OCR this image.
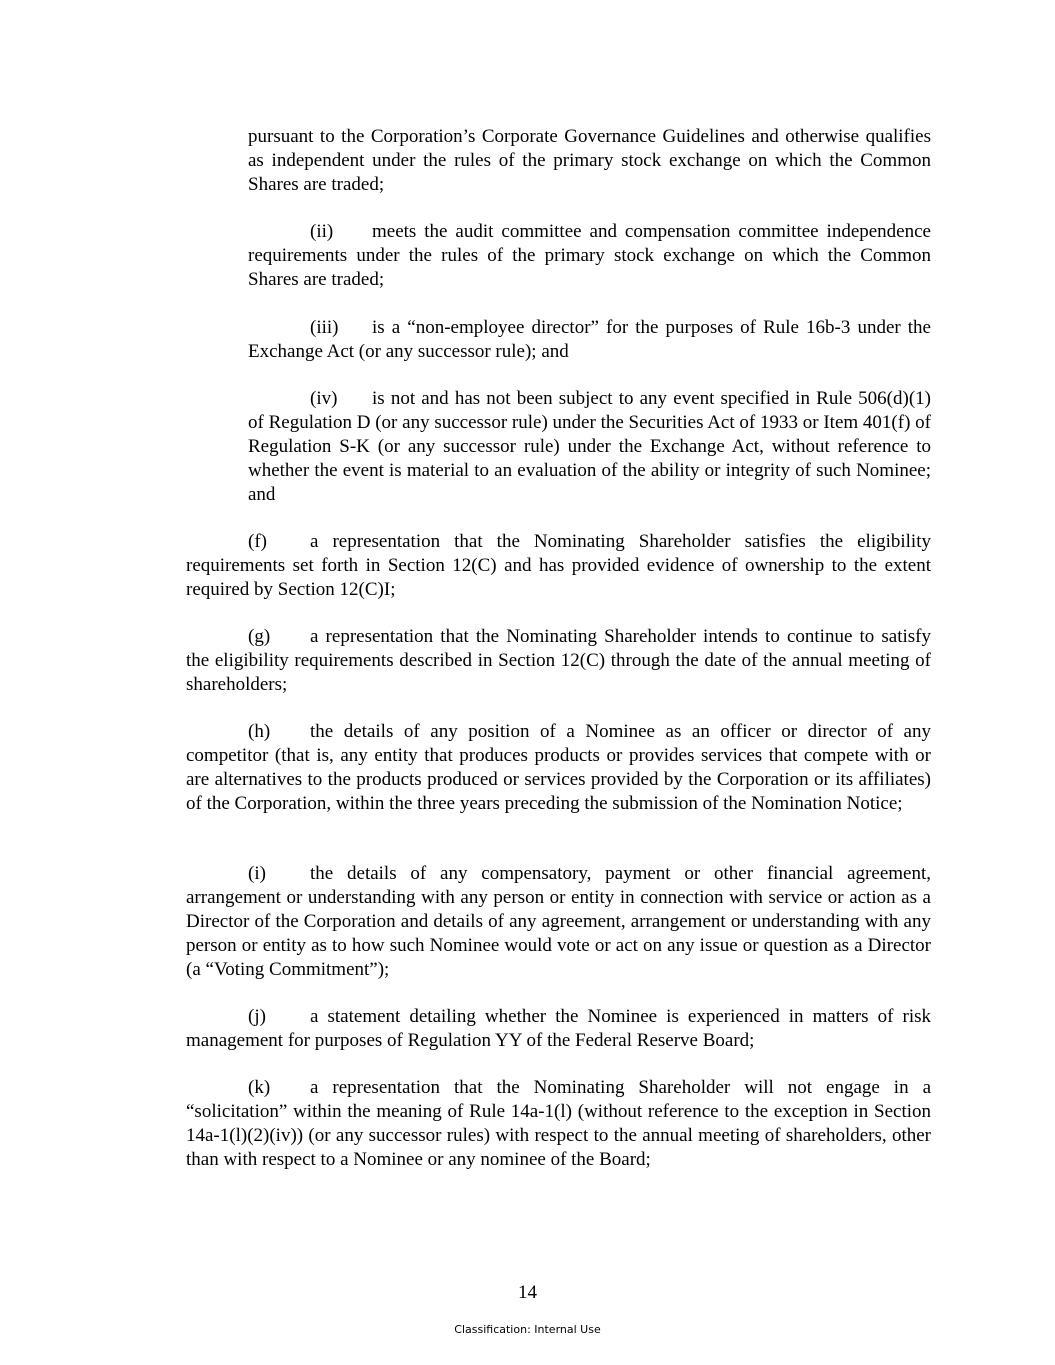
pursuant to the Corporation’s Corporate Governance Guidelines and otherwise qualifies as independent under the rules of the primary stock exchange on which the Common Shares are traded;

(ii) meets the audit committee and compensation committee independence requirements under the rules of the primary stock exchange on which the Common Shares are traded;

(iii) is a “non-employee director” for the purposes of Rule 16b-3 under the Exchange Act (or any successor rule); and

(iv) is not and has not been subject to any event specified in Rule 506(d)(1) of Regulation D (or any successor rule) under the Securities Act of 1933 or Item 401(f) of Regulation S-K (or any successor rule) under the Exchange Act, without reference to whether the event is material to an evaluation of the ability or integrity of such Nominee; and

(f) a representation that the Nominating Shareholder satisfies the eligibility requirements set forth in Section 12(C) and has provided evidence of ownership to the extent required by Section 12(C)I;

(g) a representation that the Nominating Shareholder intends to continue to satisfy the eligibility requirements described in Section 12(C) through the date of the annual meeting of shareholders;

(h) the details of any position of a Nominee as an officer or director of any competitor (that is, any entity that produces products or provides services that compete with or are alternatives to the products produced or services provided by the Corporation or its affiliates) of the Corporation, within the three years preceding the submission of the Nomination Notice;

(i) the details of any compensatory, payment or other financial agreement, arrangement or understanding with any person or entity in connection with service or action as a Director of the Corporation and details of any agreement, arrangement or understanding with any person or entity as to how such Nominee would vote or act on any issue or question as a Director (a “Voting Commitment”);

(j) a statement detailing whether the Nominee is experienced in matters of risk management for purposes of Regulation YY of the Federal Reserve Board;

(k) a representation that the Nominating Shareholder will not engage in a “solicitation” within the meaning of Rule 14a-1(l) (without reference to the exception in Section 14a-1(l)(2)(iv)) (or any successor rules) with respect to the annual meeting of shareholders, other than with respect to a Nominee or any nominee of the Board;

14
Classification: Internal Use
